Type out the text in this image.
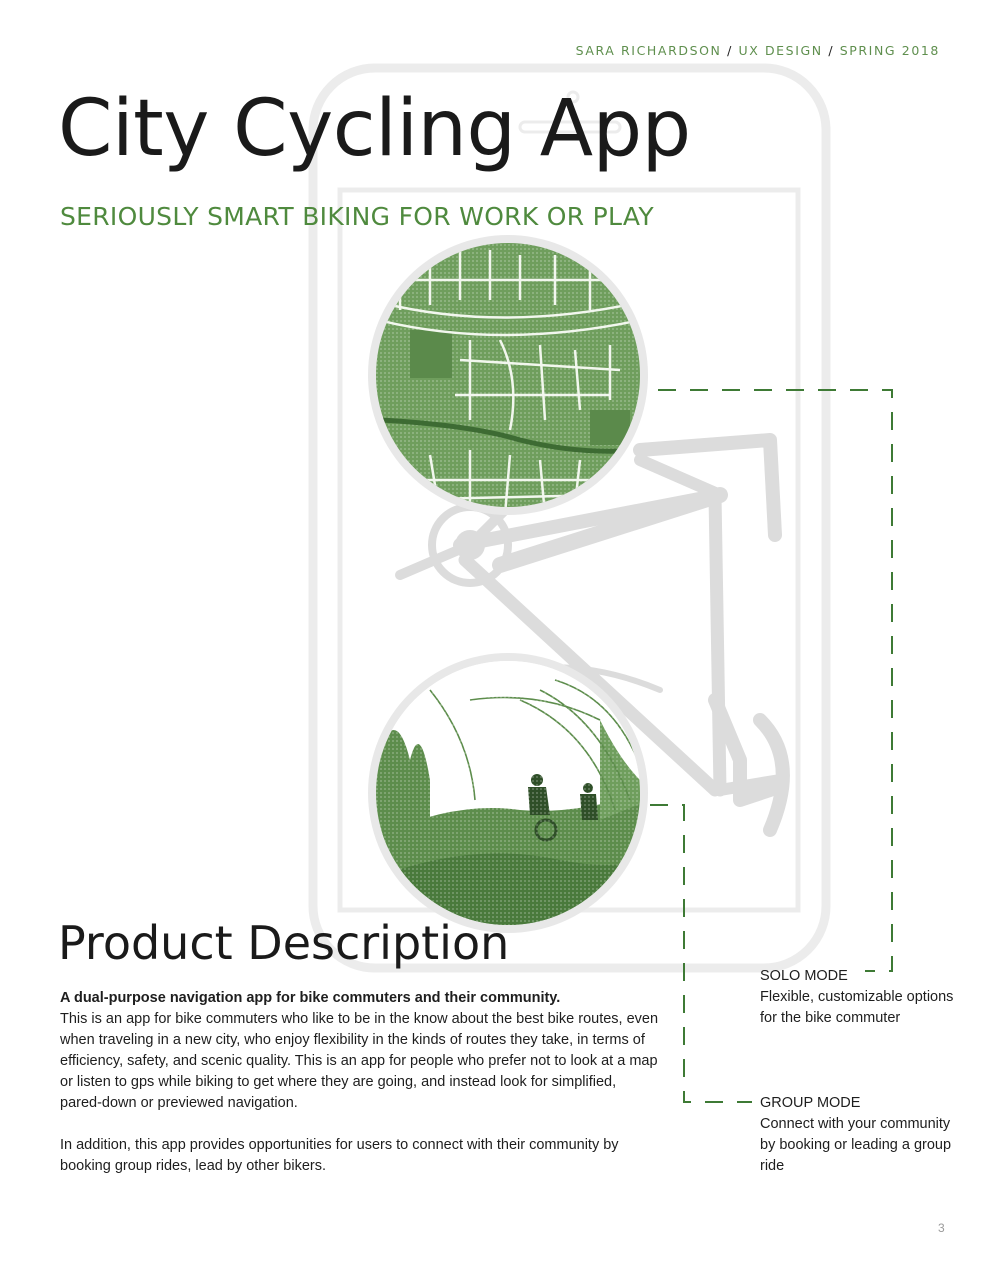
SARA RICHARDSON / UX DESIGN / SPRING 2018
City Cycling App
SERIOUSLY SMART BIKING FOR WORK OR PLAY
Product Description

A dual-purpose navigation app for bike commuters and their community.

This is an app for bike commuters who like to be in the know about the best bike routes, even when traveling in a new city, who enjoy flexibility in the kinds of routes they take, in terms of efficiency, safety, and scenic quality. This is an app for people who prefer not to look at a map or listen to gps while biking to get where they are going, and instead look for simplified, pared-down or previewed navigation.

In addition, this app provides opportunities for users to connect with their community by booking group rides, lead by other bikers.

SOLO MODE
Flexible, customizable options for the bike commuter
GROUP MODE
Connect with your community by booking or leading a group ride
3
